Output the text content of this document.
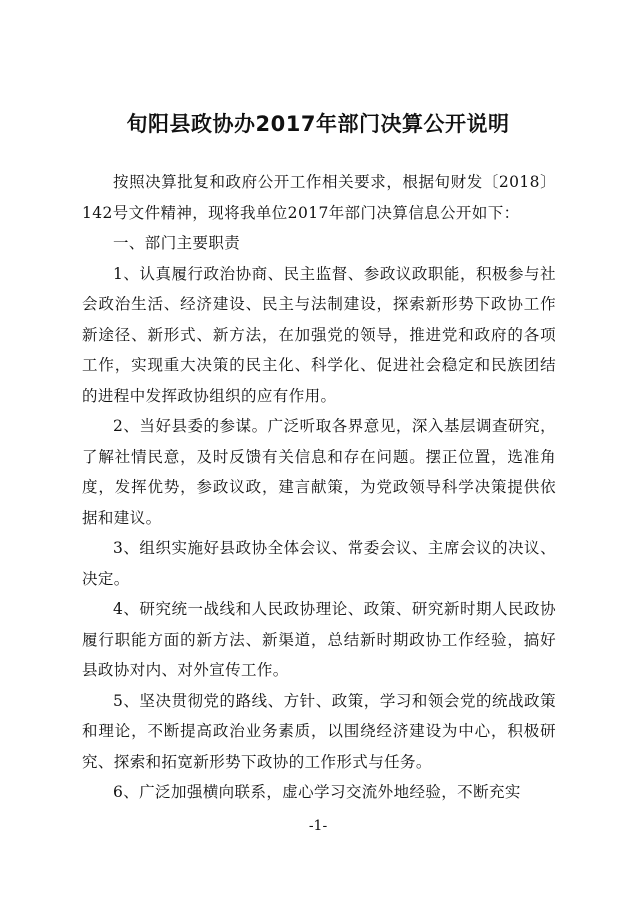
旬阳县政协办2017年部门决算公开说明

按照决算批复和政府公开工作相关要求，根据旬财发〔2018〕142号文件精神，现将我单位2017年部门决算信息公开如下：

一、部门主要职责

1、认真履行政治协商、民主监督、参政议政职能，积极参与社会政治生活、经济建设、民主与法制建设，探索新形势下政协工作新途径、新形式、新方法，在加强党的领导，推进党和政府的各项工作，实现重大决策的民主化、科学化、促进社会稳定和民族团结的进程中发挥政协组织的应有作用。

2、当好县委的参谋。广泛听取各界意见，深入基层调查研究，了解社情民意，及时反馈有关信息和存在问题。摆正位置，选准角度，发挥优势，参政议政，建言献策，为党政领导科学决策提供依据和建议。

3、组织实施好县政协全体会议、常委会议、主席会议的决议、决定。

4、研究统一战线和人民政协理论、政策、研究新时期人民政协履行职能方面的新方法、新渠道，总结新时期政协工作经验，搞好县政协对内、对外宣传工作。

5、坚决贯彻党的路线、方针、政策，学习和领会党的统战政策和理论，不断提高政治业务素质，以围绕经济建设为中心，积极研究、探索和拓宽新形势下政协的工作形式与任务。

6、广泛加强横向联系，虚心学习交流外地经验，不断充实

-1-
